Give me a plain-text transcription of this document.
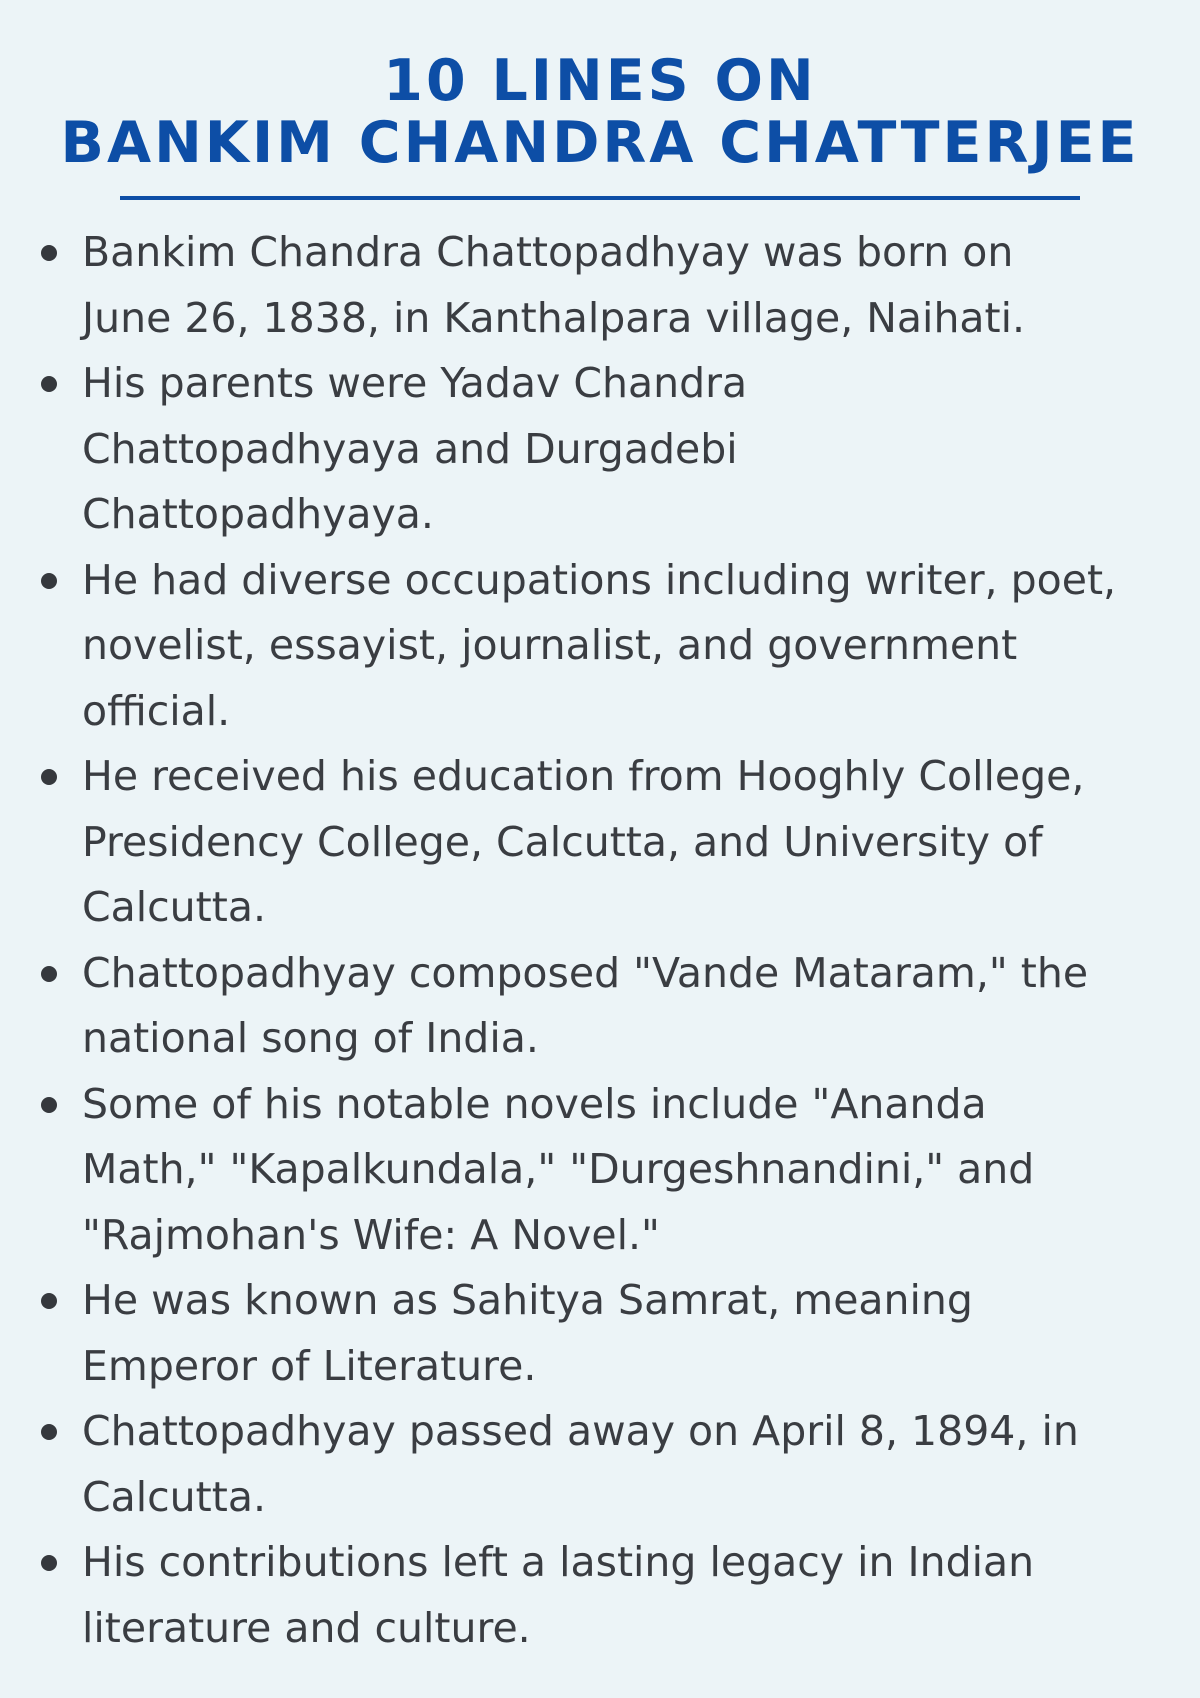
10 LINES ON
BANKIM CHANDRA CHATTERJEE
Bankim Chandra Chattopadhyay was born on
June 26, 1838, in Kanthalpara village, Naihati.
His parents were Yadav Chandra
Chattopadhyaya and Durgadebi
Chattopadhyaya.
He had diverse occupations including writer, poet,
novelist, essayist, journalist, and government
official.
He received his education from Hooghly College,
Presidency College, Calcutta, and University of
Calcutta.
Chattopadhyay composed "Vande Mataram," the
national song of India.
Some of his notable novels include "Ananda
Math," "Kapalkundala," "Durgeshnandini," and
"Rajmohan's Wife: A Novel."
He was known as Sahitya Samrat, meaning
Emperor of Literature.
Chattopadhyay passed away on April 8, 1894, in
Calcutta.
His contributions left a lasting legacy in Indian
literature and culture.
